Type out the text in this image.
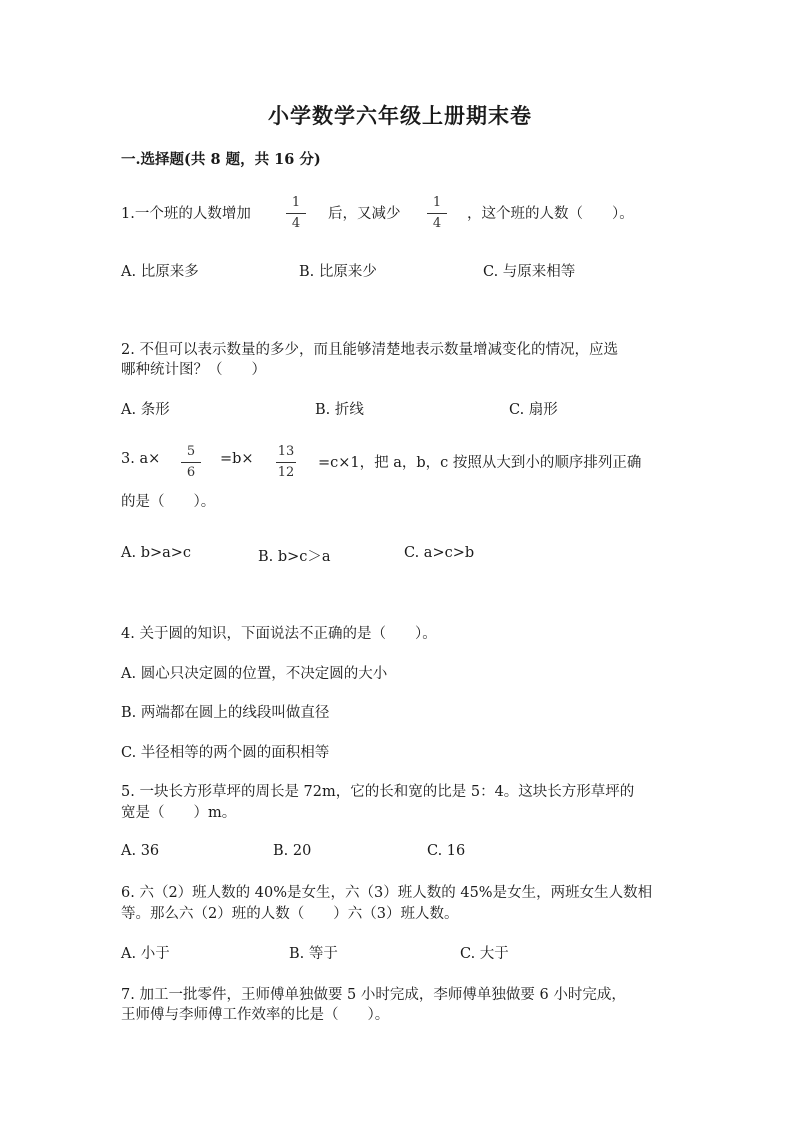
小学数学六年级上册期末卷
一.选择题(共 8 题，共 16 分)
1.一个班的人数增加
1
4
后，又减少
1
4
，这个班的人数（　　）。
A. 比原来多	B. 比原来少	C. 与原来相等
2. 不但可以表示数量的多少，而且能够清楚地表示数量增减变化的情况，应选
哪种统计图？（　　）
A. 条形	B. 折线	C. 扇形
3. a×	5
6
=b× 13
12
=c×1，把 a，b，c 按照从大到小的顺序排列正确
的是（　　）。
A. b>a>c	B. b>c＞a	C. a>c>b
4. 关于圆的知识，下面说法不正确的是（　　）。
A. 圆心只决定圆的位置，不决定圆的大小
B. 两端都在圆上的线段叫做直径
C. 半径相等的两个圆的面积相等
5. 一块长方形草坪的周长是 72m，它的长和宽的比是 5：4。这块长方形草坪的
宽是（　　）m。
A. 36	B. 20	C. 16
6. 六（2）班人数的 40%是女生，六（3）班人数的 45%是女生，两班女生人数相
等。那么六（2）班的人数（　　）六（3）班人数。
A. 小于	B. 等于	C. 大于
7. 加工一批零件，王师傅单独做要 5 小时完成，李师傅单独做要 6 小时完成，
王师傅与李师傅工作效率的比是（　　）。
